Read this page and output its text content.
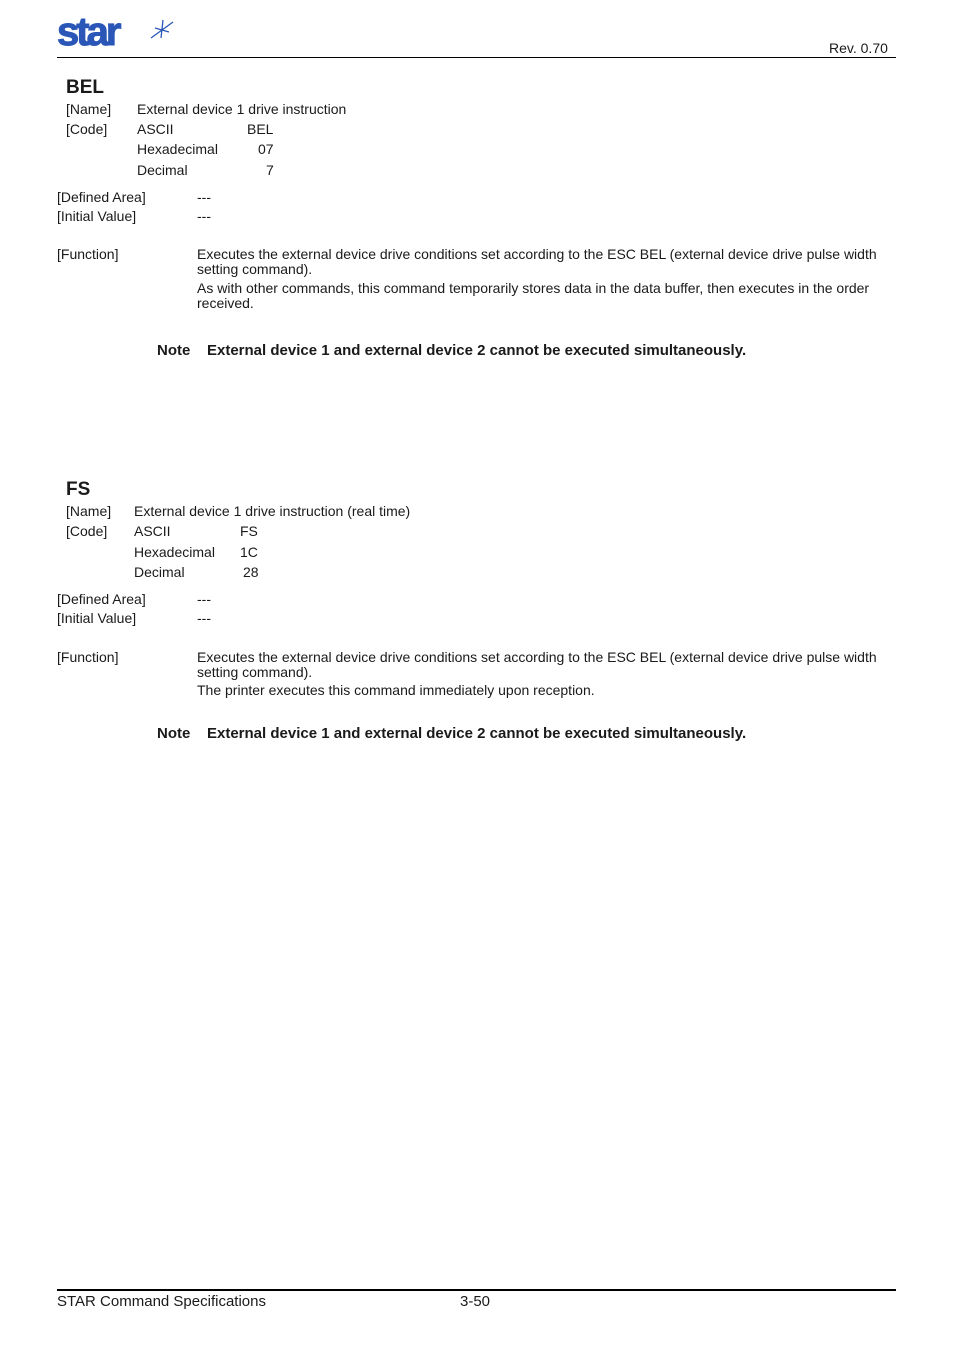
star	Rev. 0.70
BEL
[Name] External device 1 drive instruction
[Code] ASCII	BEL
Hexadecimal	07
Decimal	7
[Defined Area]	---
[Initial Value]	---
[Function]	Executes the external device drive conditions set according to the ESC BEL (external device drive pulse width setting command).
As with other commands, this command temporarily stores data in the data buffer, then executes in the order received.
Note External device 1 and external device 2 cannot be executed simultaneously.
FS
[Name] External device 1 drive instruction (real time)
[Code] ASCII	FS
Hexadecimal 1C
Decimal	28
[Defined Area]	---
[Initial Value]	---
[Function]	Executes the external device drive conditions set according to the ESC BEL (external device drive pulse width setting command).
The printer executes this command immediately upon reception.
Note External device 1 and external device 2 cannot be executed simultaneously.
STAR Command Specifications	3-50
